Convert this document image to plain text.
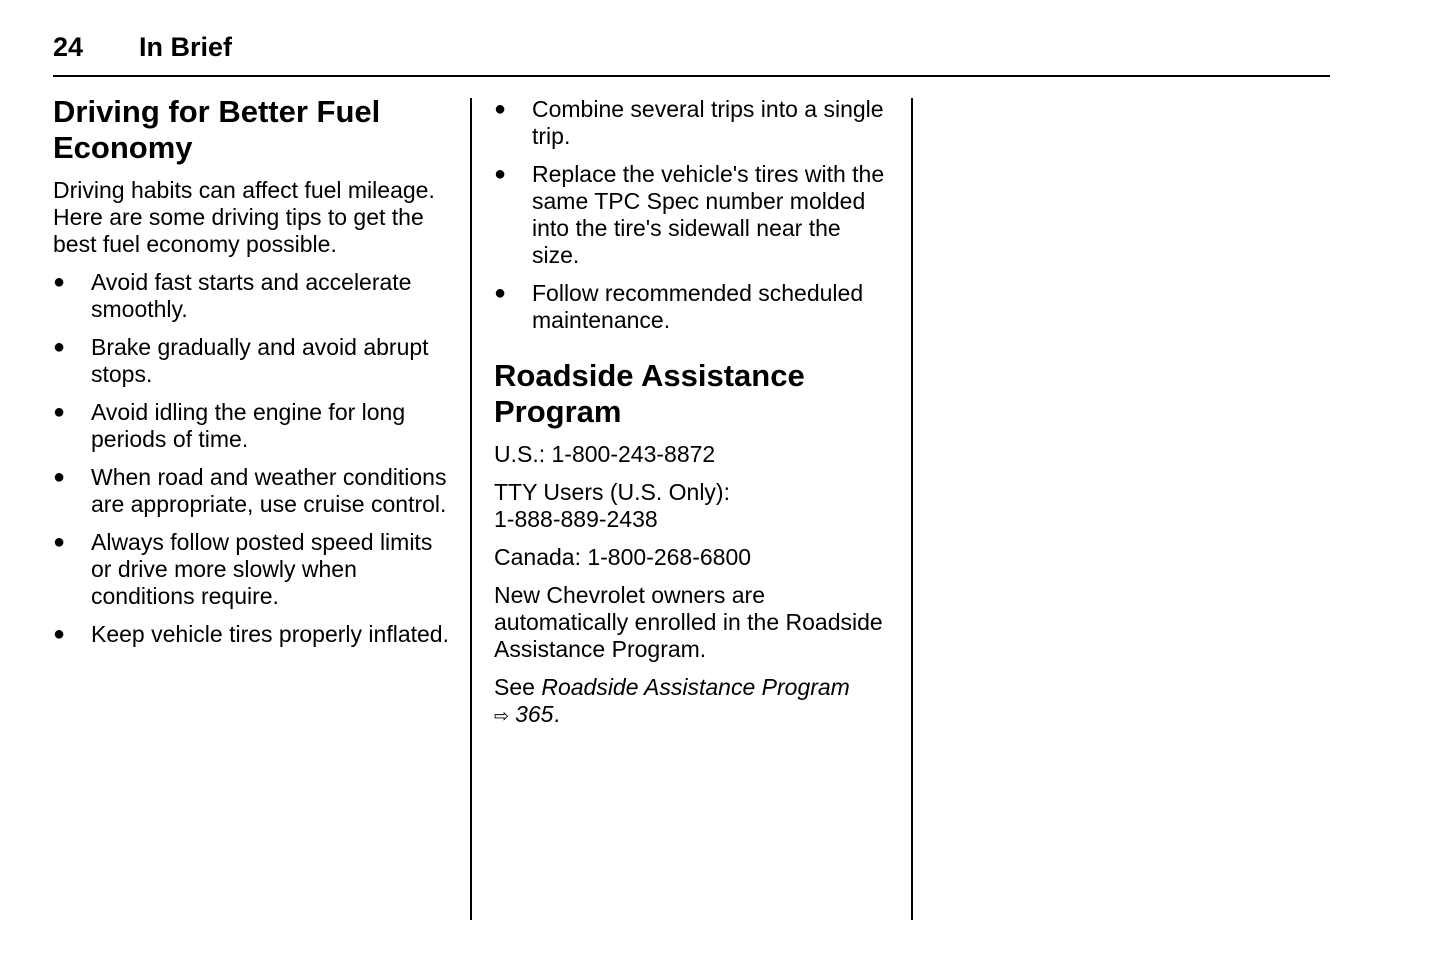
24 In Brief
Driving for Better Fuel
Economy

Driving habits can affect fuel mileage. Here are some driving tips to get the best fuel economy possible.

● Avoid fast starts and accelerate smoothly.
● Brake gradually and avoid abrupt stops.
● Avoid idling the engine for long periods of time.
● When road and weather conditions are appropriate, use cruise control.
● Always follow posted speed limits or drive more slowly when conditions require.
● Keep vehicle tires properly inflated.
● Combine several trips into a single trip.
● Replace the vehicle's tires with the same TPC Spec number molded into the tire's sidewall near the size.
● Follow recommended scheduled maintenance.
Roadside Assistance
Program

U.S.: 1-800-243-8872

TTY Users (U.S. Only):
1-888-889-2438

Canada: 1-800-268-6800

New Chevrolet owners are automatically enrolled in the Roadside Assistance Program.

See Roadside Assistance Program
⇨ 365.
